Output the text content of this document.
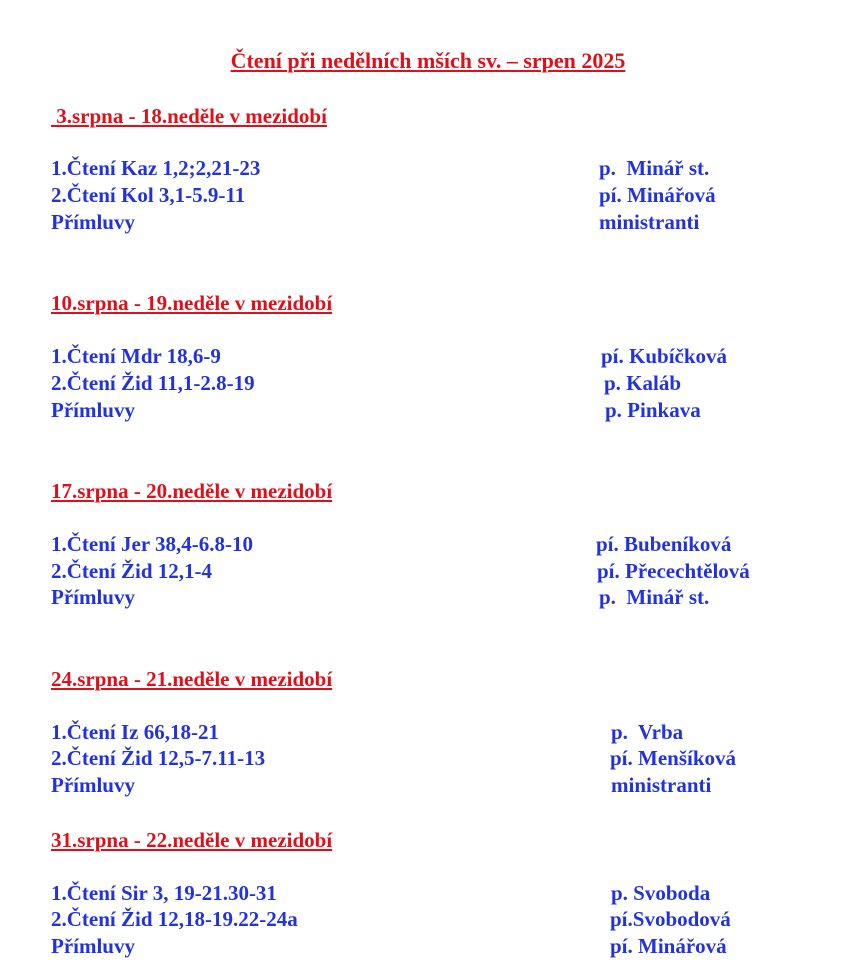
Čtení při nedělních mších sv. – srpen 2025
3.srpna - 18.neděle v mezidobí
1.Čtení Kaz 1,2;2,21-23	p.  Minář st.
2.Čtení Kol 3,1-5.9-11	pí. Minářová
Přímluvy	ministranti
10.srpna - 19.neděle v mezidobí
1.Čtení Mdr 18,6-9	pí. Kubíčková
2.Čtení Žid 11,1-2.8-19	p. Kaláb
Přímluvy	p. Pinkava
17.srpna - 20.neděle v mezidobí
1.Čtení Jer 38,4-6.8-10	pí. Bubeníková
2.Čtení Žid 12,1-4	pí. Přecechtělová
Přímluvy	p.  Minář st.
24.srpna - 21.neděle v mezidobí
1.Čtení Iz 66,18-21	p.  Vrba
2.Čtení Žid 12,5-7.11-13	pí. Menšíková
Přímluvy	ministranti
31.srpna - 22.neděle v mezidobí
1.Čtení Sir 3, 19-21.30-31	p. Svoboda
2.Čtení Žid 12,18-19.22-24a	pí.Svobodová
Přímluvy	pí. Minářová
